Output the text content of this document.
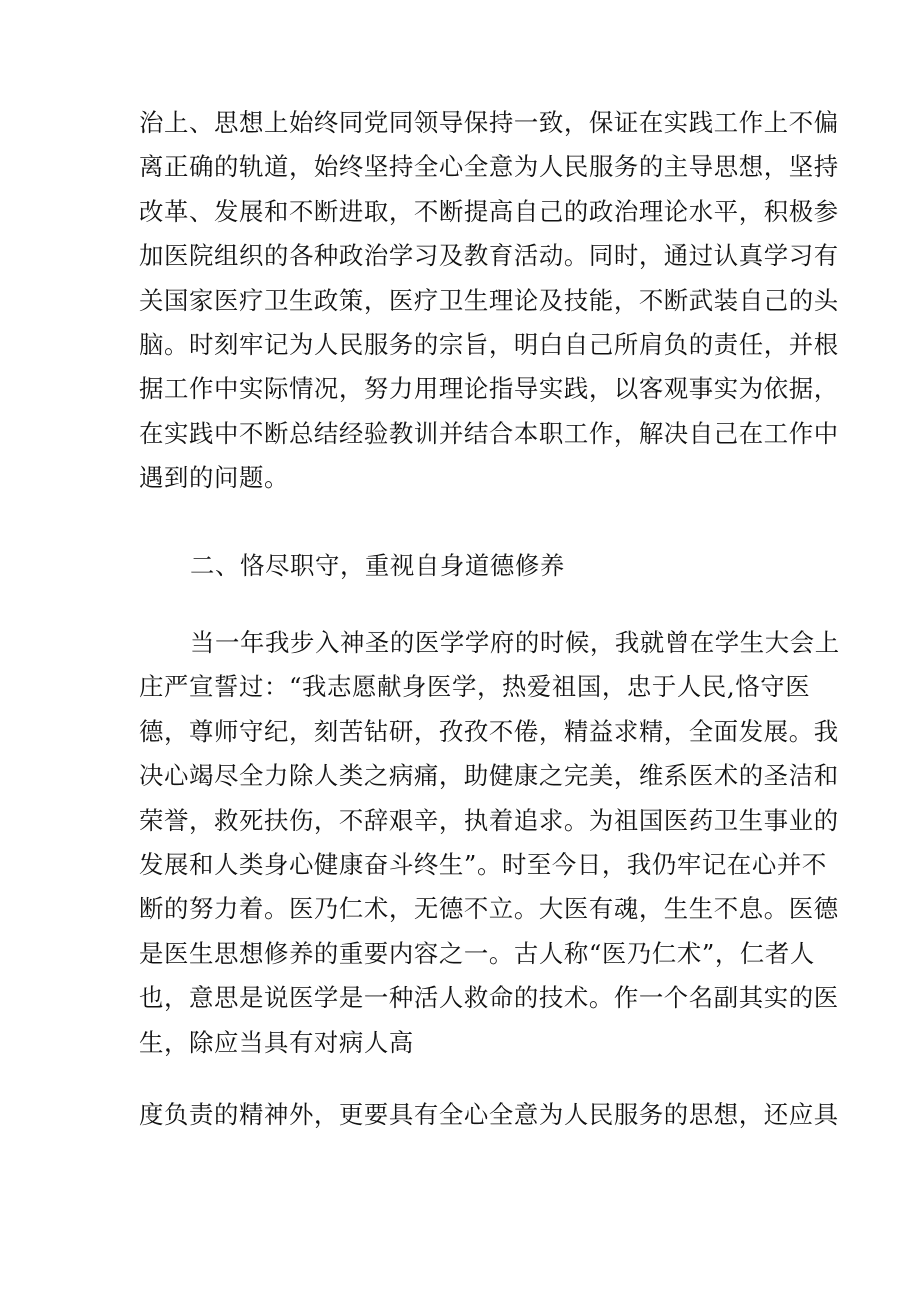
治上、思想上始终同党同领导保持一致，保证在实践工作上不偏
离正确的轨道，始终坚持全心全意为人民服务的主导思想，坚持
改革、发展和不断进取，不断提高自己的政治理论水平，积极参
加医院组织的各种政治学习及教育活动。同时，通过认真学习有
关国家医疗卫生政策，医疗卫生理论及技能，不断武装自己的头
脑。时刻牢记为人民服务的宗旨，明白自己所肩负的责任，并根
据工作中实际情况，努力用理论指导实践，以客观事实为依据，
在实践中不断总结经验教训并结合本职工作，解决自己在工作中
遇到的问题。
二、恪尽职守，重视自身道德修养
当一年我步入神圣的医学学府的时候，我就曾在学生大会上
庄严宣誓过：“我志愿献身医学，热爱祖国，忠于人民,恪守医
德，尊师守纪，刻苦钻研，孜孜不倦，精益求精，全面发展。我
决心竭尽全力除人类之病痛，助健康之完美，维系医术的圣洁和
荣誉，救死扶伤，不辞艰辛，执着追求。为祖国医药卫生事业的
发展和人类身心健康奋斗终生”。时至今日，我仍牢记在心并不
断的努力着。医乃仁术，无德不立。大医有魂，生生不息。医德
是医生思想修养的重要内容之一。古人称“医乃仁术”，仁者人
也，意思是说医学是一种活人救命的技术。作一个名副其实的医
生，除应当具有对病人高
度负责的精神外，更要具有全心全意为人民服务的思想，还应具
